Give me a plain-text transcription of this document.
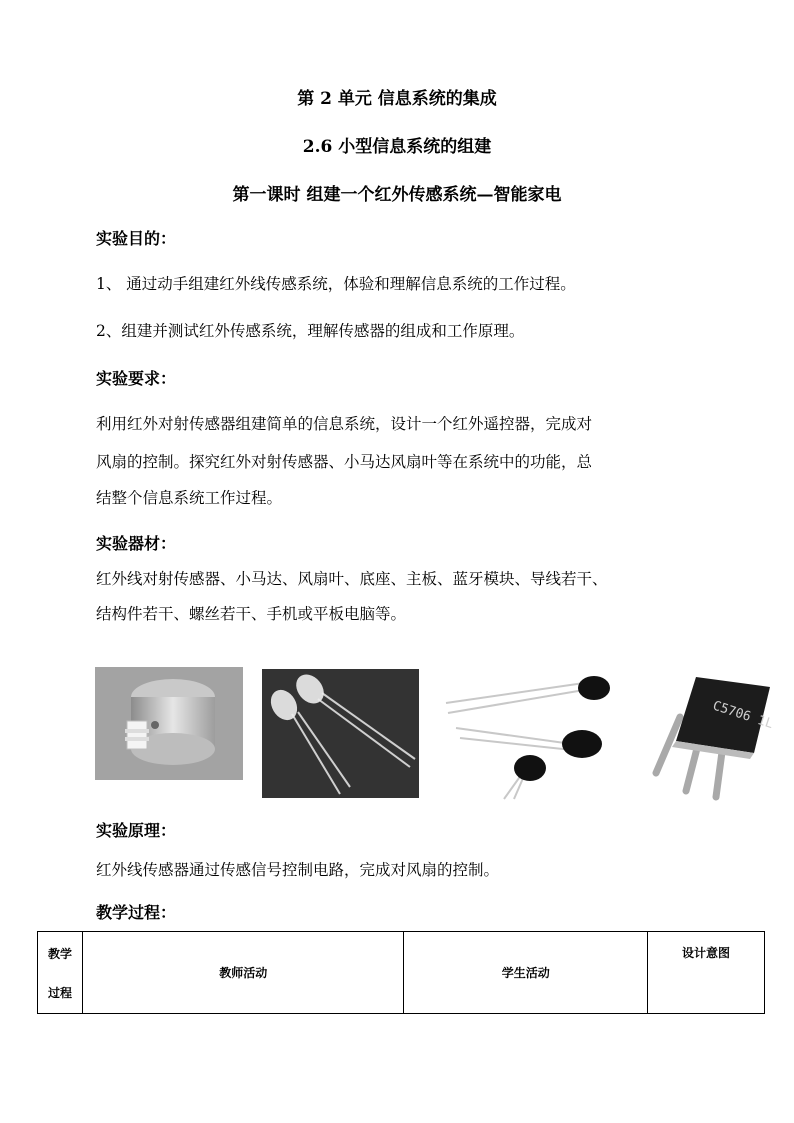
第 2 单元 信息系统的集成
2.6 小型信息系统的组建
第一课时 组建一个红外传感系统—智能家电
实验目的：
1、 通过动手组建红外线传感系统，体验和理解信息系统的工作过程。
2、组建并测试红外传感系统，理解传感器的组成和工作原理。
实验要求：
利用红外对射传感器组建简单的信息系统，设计一个红外遥控器，完成对
风扇的控制。探究红外对射传感器、小马达风扇叶等在系统中的功能，总
结整个信息系统工作过程。
实验器材：
红外线对射传感器、小马达、风扇叶、底座、主板、蓝牙模块、导线若干、
结构件若干、螺丝若干、手机或平板电脑等。
C5706 1L
实验原理：
红外线传感器通过传感信号控制电路，完成对风扇的控制。
教学过程：
教学
过程
	教师活动	学生活动	设计意图
